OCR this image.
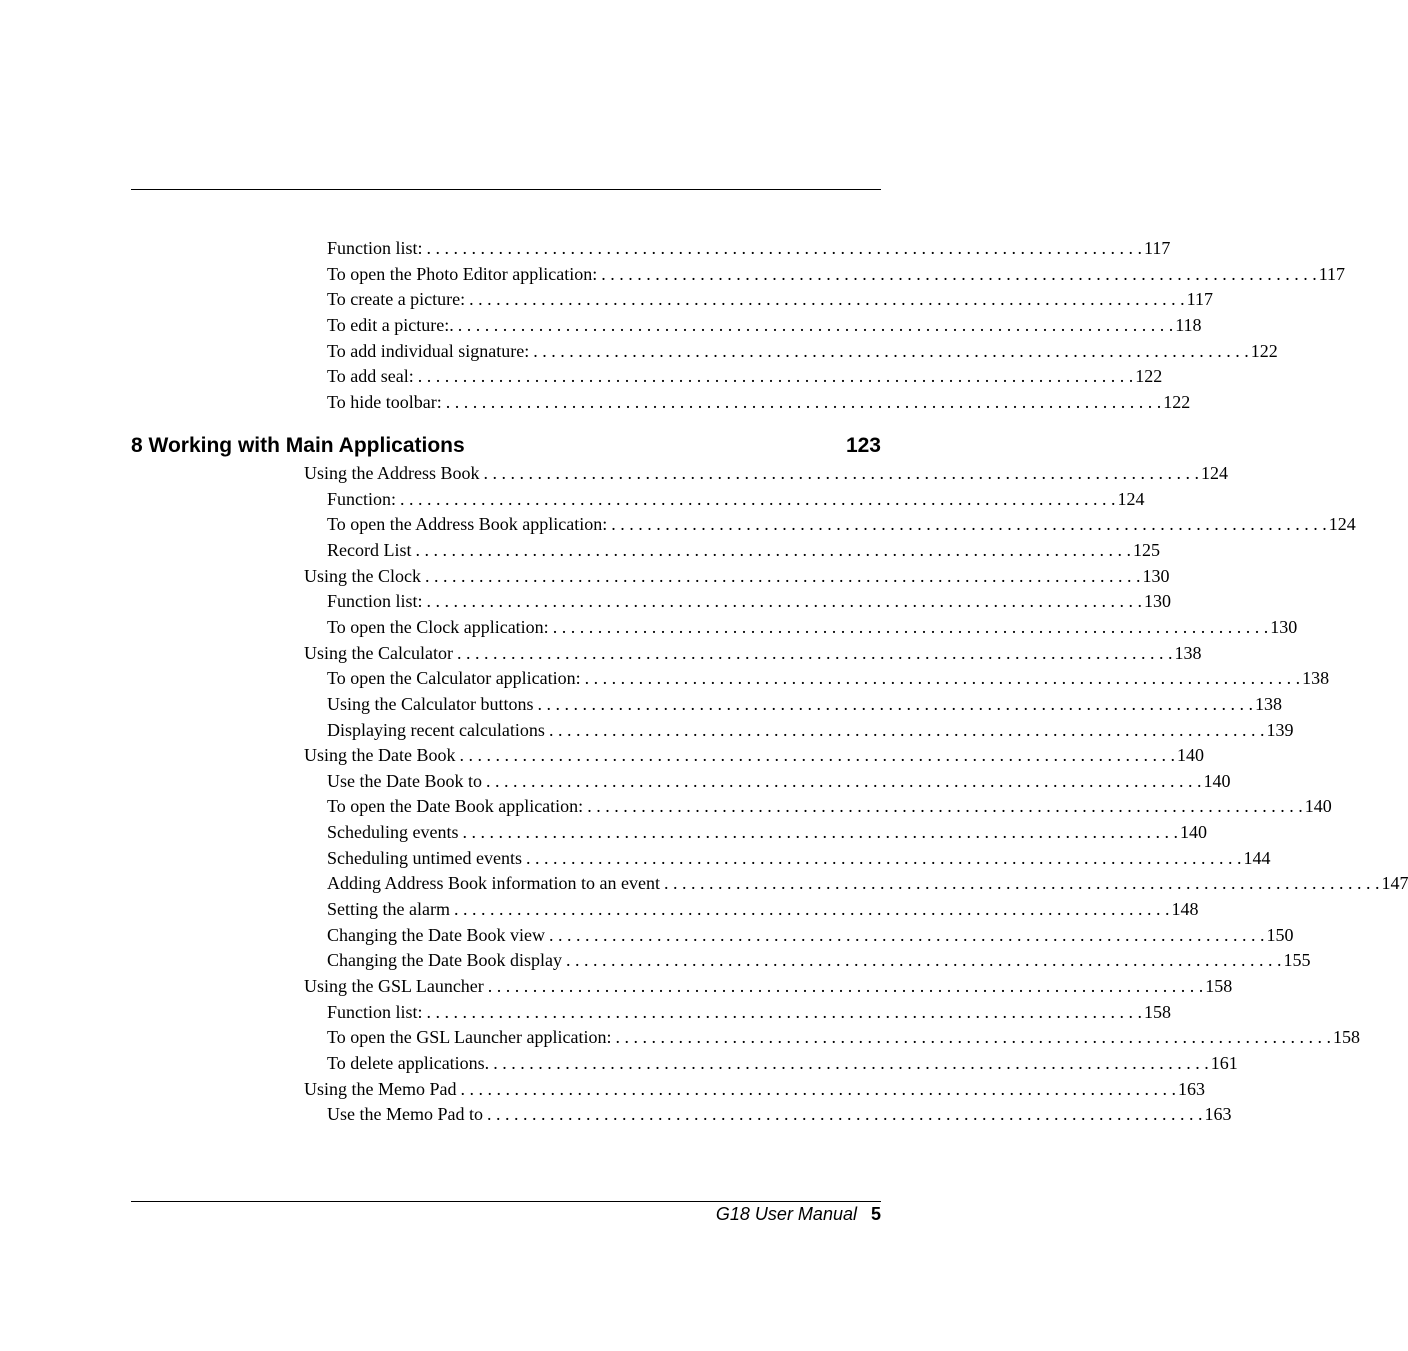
Function list: . . . . . . . . . . . . . . . . . . . . . . . . . . . . . . . . . . . . . . . . . . . . . . . . . . . . . . . . . . . . . . . . . . . . . . . . . . . . . . . . 117
To open the Photo Editor application: . . . . . . . . . . . . . . . . . . . . . . . . . . . . . . . . . . . . . . . . . . . . . . . . . . . . . . . . . . . . . . . . . . . . . . . . . . . . . . . . 117
To create a picture: . . . . . . . . . . . . . . . . . . . . . . . . . . . . . . . . . . . . . . . . . . . . . . . . . . . . . . . . . . . . . . . . . . . . . . . . . . . . . . . . 117
To edit a picture:. . . . . . . . . . . . . . . . . . . . . . . . . . . . . . . . . . . . . . . . . . . . . . . . . . . . . . . . . . . . . . . . . . . . . . . . . . . . . . . . . 118
To add individual signature: . . . . . . . . . . . . . . . . . . . . . . . . . . . . . . . . . . . . . . . . . . . . . . . . . . . . . . . . . . . . . . . . . . . . . . . . . . . . . . . . 122
To add seal: . . . . . . . . . . . . . . . . . . . . . . . . . . . . . . . . . . . . . . . . . . . . . . . . . . . . . . . . . . . . . . . . . . . . . . . . . . . . . . . . 122
To hide toolbar: . . . . . . . . . . . . . . . . . . . . . . . . . . . . . . . . . . . . . . . . . . . . . . . . . . . . . . . . . . . . . . . . . . . . . . . . . . . . . . . . 122
Using the Address Book . . . . . . . . . . . . . . . . . . . . . . . . . . . . . . . . . . . . . . . . . . . . . . . . . . . . . . . . . . . . . . . . . . . . . . . . . . . . . . . . 124
Function: . . . . . . . . . . . . . . . . . . . . . . . . . . . . . . . . . . . . . . . . . . . . . . . . . . . . . . . . . . . . . . . . . . . . . . . . . . . . . . . . 124
To open the Address Book application: . . . . . . . . . . . . . . . . . . . . . . . . . . . . . . . . . . . . . . . . . . . . . . . . . . . . . . . . . . . . . . . . . . . . . . . . . . . . . . . . 124
Record List . . . . . . . . . . . . . . . . . . . . . . . . . . . . . . . . . . . . . . . . . . . . . . . . . . . . . . . . . . . . . . . . . . . . . . . . . . . . . . . . 125
Using the Clock . . . . . . . . . . . . . . . . . . . . . . . . . . . . . . . . . . . . . . . . . . . . . . . . . . . . . . . . . . . . . . . . . . . . . . . . . . . . . . . . 130
Function list: . . . . . . . . . . . . . . . . . . . . . . . . . . . . . . . . . . . . . . . . . . . . . . . . . . . . . . . . . . . . . . . . . . . . . . . . . . . . . . . . 130
To open the Clock application: . . . . . . . . . . . . . . . . . . . . . . . . . . . . . . . . . . . . . . . . . . . . . . . . . . . . . . . . . . . . . . . . . . . . . . . . . . . . . . . . 130
Using the Calculator . . . . . . . . . . . . . . . . . . . . . . . . . . . . . . . . . . . . . . . . . . . . . . . . . . . . . . . . . . . . . . . . . . . . . . . . . . . . . . . . 138
To open the Calculator application: . . . . . . . . . . . . . . . . . . . . . . . . . . . . . . . . . . . . . . . . . . . . . . . . . . . . . . . . . . . . . . . . . . . . . . . . . . . . . . . . 138
Using the Calculator buttons . . . . . . . . . . . . . . . . . . . . . . . . . . . . . . . . . . . . . . . . . . . . . . . . . . . . . . . . . . . . . . . . . . . . . . . . . . . . . . . . 138
Displaying recent calculations . . . . . . . . . . . . . . . . . . . . . . . . . . . . . . . . . . . . . . . . . . . . . . . . . . . . . . . . . . . . . . . . . . . . . . . . . . . . . . . . 139
Using the Date Book . . . . . . . . . . . . . . . . . . . . . . . . . . . . . . . . . . . . . . . . . . . . . . . . . . . . . . . . . . . . . . . . . . . . . . . . . . . . . . . . 140
Use the Date Book to . . . . . . . . . . . . . . . . . . . . . . . . . . . . . . . . . . . . . . . . . . . . . . . . . . . . . . . . . . . . . . . . . . . . . . . . . . . . . . . . 140
To open the Date Book application: . . . . . . . . . . . . . . . . . . . . . . . . . . . . . . . . . . . . . . . . . . . . . . . . . . . . . . . . . . . . . . . . . . . . . . . . . . . . . . . . 140
Scheduling events . . . . . . . . . . . . . . . . . . . . . . . . . . . . . . . . . . . . . . . . . . . . . . . . . . . . . . . . . . . . . . . . . . . . . . . . . . . . . . . . 140
Scheduling untimed events . . . . . . . . . . . . . . . . . . . . . . . . . . . . . . . . . . . . . . . . . . . . . . . . . . . . . . . . . . . . . . . . . . . . . . . . . . . . . . . . 144
Adding Address Book information to an event . . . . . . . . . . . . . . . . . . . . . . . . . . . . . . . . . . . . . . . . . . . . . . . . . . . . . . . . . . . . . . . . . . . . . . . . . . . . . . . . 147
Setting the alarm . . . . . . . . . . . . . . . . . . . . . . . . . . . . . . . . . . . . . . . . . . . . . . . . . . . . . . . . . . . . . . . . . . . . . . . . . . . . . . . . 148
Changing the Date Book view . . . . . . . . . . . . . . . . . . . . . . . . . . . . . . . . . . . . . . . . . . . . . . . . . . . . . . . . . . . . . . . . . . . . . . . . . . . . . . . . 150
Changing the Date Book display . . . . . . . . . . . . . . . . . . . . . . . . . . . . . . . . . . . . . . . . . . . . . . . . . . . . . . . . . . . . . . . . . . . . . . . . . . . . . . . . 155
Using the GSL Launcher . . . . . . . . . . . . . . . . . . . . . . . . . . . . . . . . . . . . . . . . . . . . . . . . . . . . . . . . . . . . . . . . . . . . . . . . . . . . . . . . 158
Function list: . . . . . . . . . . . . . . . . . . . . . . . . . . . . . . . . . . . . . . . . . . . . . . . . . . . . . . . . . . . . . . . . . . . . . . . . . . . . . . . . 158
To open the GSL Launcher application: . . . . . . . . . . . . . . . . . . . . . . . . . . . . . . . . . . . . . . . . . . . . . . . . . . . . . . . . . . . . . . . . . . . . . . . . . . . . . . . . 158
To delete applications. . . . . . . . . . . . . . . . . . . . . . . . . . . . . . . . . . . . . . . . . . . . . . . . . . . . . . . . . . . . . . . . . . . . . . . . . . . . . . . . . 161
Using the Memo Pad . . . . . . . . . . . . . . . . . . . . . . . . . . . . . . . . . . . . . . . . . . . . . . . . . . . . . . . . . . . . . . . . . . . . . . . . . . . . . . . . 163
Use the Memo Pad to . . . . . . . . . . . . . . . . . . . . . . . . . . . . . . . . . . . . . . . . . . . . . . . . . . . . . . . . . . . . . . . . . . . . . . . . . . . . . . . . 163
8 Working with Main Applications	123
G18 User Manual 5
